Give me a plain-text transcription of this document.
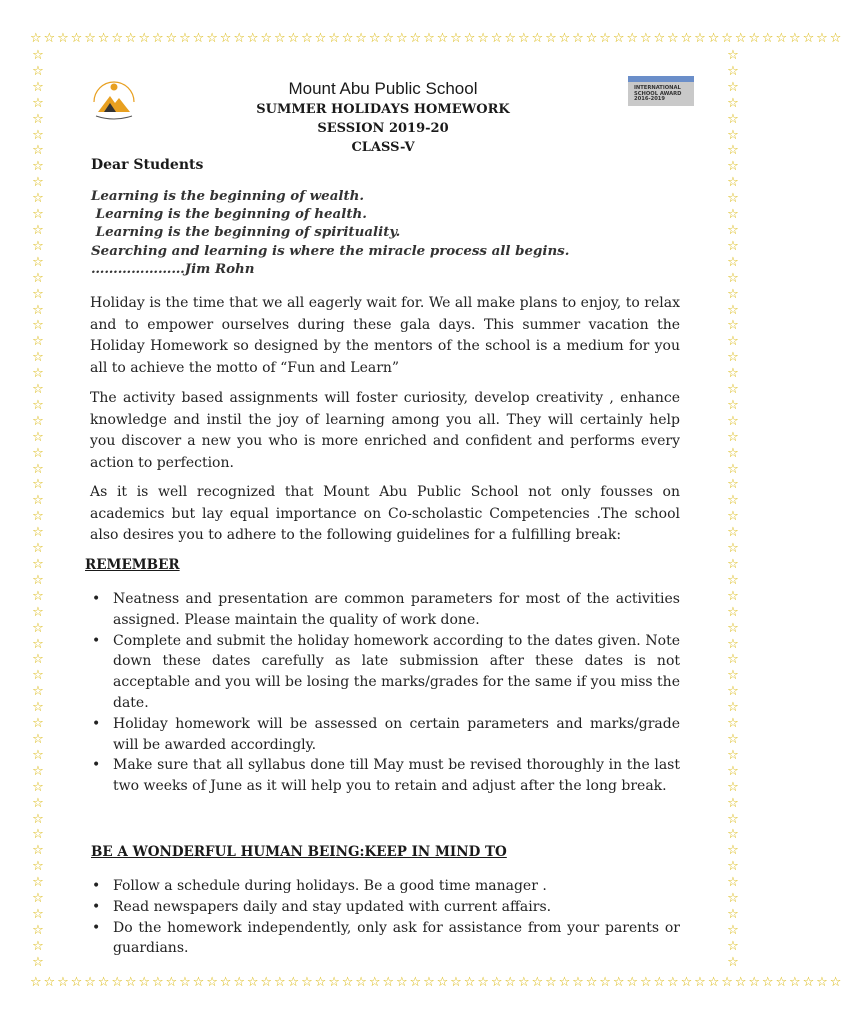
☆☆☆☆☆☆☆☆☆☆☆☆☆☆☆☆☆☆☆☆☆☆☆☆☆☆☆☆☆☆☆☆☆☆☆☆☆☆☆☆☆☆☆☆☆☆☆☆☆☆☆☆☆☆☆☆☆☆☆☆
☆☆☆☆☆☆☆☆☆☆☆☆☆☆☆☆☆☆☆☆☆☆☆☆☆☆☆☆☆☆☆☆☆☆☆☆☆☆☆☆☆☆☆☆☆☆☆☆☆☆☆☆☆☆☆☆☆☆☆☆
☆
☆
☆
☆
☆
☆
☆
☆
☆
☆
☆
☆
☆
☆
☆
☆
☆
☆
☆
☆
☆
☆
☆
☆
☆
☆
☆
☆
☆
☆
☆
☆
☆
☆
☆
☆
☆
☆
☆
☆
☆
☆
☆
☆
☆
☆
☆
☆
☆
☆
☆
☆
☆
☆
☆
☆
☆
☆
☆
☆
☆
☆
☆
☆
☆
☆
☆
☆
☆
☆
☆
☆
☆
☆
☆
☆
☆
☆
☆
☆
☆
☆
☆
☆
☆
☆
☆
☆
☆
☆
☆
☆
☆
☆
☆
☆
☆
☆
☆
☆
☆
☆
☆
☆
☆
☆
☆
☆
☆
☆
☆
☆
☆
☆
☆
☆
INTERNATIONAL SCHOOL AWARD
2016-2019
Mount Abu Public School
SUMMER HOLIDAYS HOMEWORK
SESSION 2019-20
CLASS-V
Dear Students
Learning is the beginning of wealth.
Learning is the beginning of health.
Learning is the beginning of spirituality.
Searching and learning is where the miracle process all begins.
…………………Jim Rohn
Holiday is the time that we all eagerly wait for. We all make plans to enjoy, to relax and to empower ourselves during these gala days. This summer vacation the Holiday Homework so designed by the mentors of the school is a medium for you all to achieve the motto of “Fun and Learn”
The activity based assignments will foster curiosity, develop creativity , enhance knowledge and instil the joy of learning among you all. They will certainly help you discover a new you who is more enriched and confident and performs every action to perfection.
As it is well recognized that Mount Abu Public School not only fousses on academics but lay equal importance on Co-scholastic Competencies .The school also desires you to adhere to the following guidelines for a fulfilling break:
REMEMBER
• Neatness and presentation are common parameters for most of the activities assigned. Please maintain the quality of work done.
• Complete and submit the holiday homework according to the dates given. Note down these dates carefully as late submission after these dates is not acceptable and you will be losing the marks/grades for the same if you miss the date.
• Holiday homework will be assessed on certain parameters and marks/grade will be awarded accordingly.
• Make sure that all syllabus done till May must be revised thoroughly in the last two weeks of June as it will help you to retain and adjust after the long break.
BE A WONDERFUL HUMAN BEING:KEEP IN MIND TO
• Follow a schedule during holidays. Be a good time manager .
• Read newspapers daily and stay updated with current affairs.
• Do the homework independently, only ask for assistance from your parents or guardians.
